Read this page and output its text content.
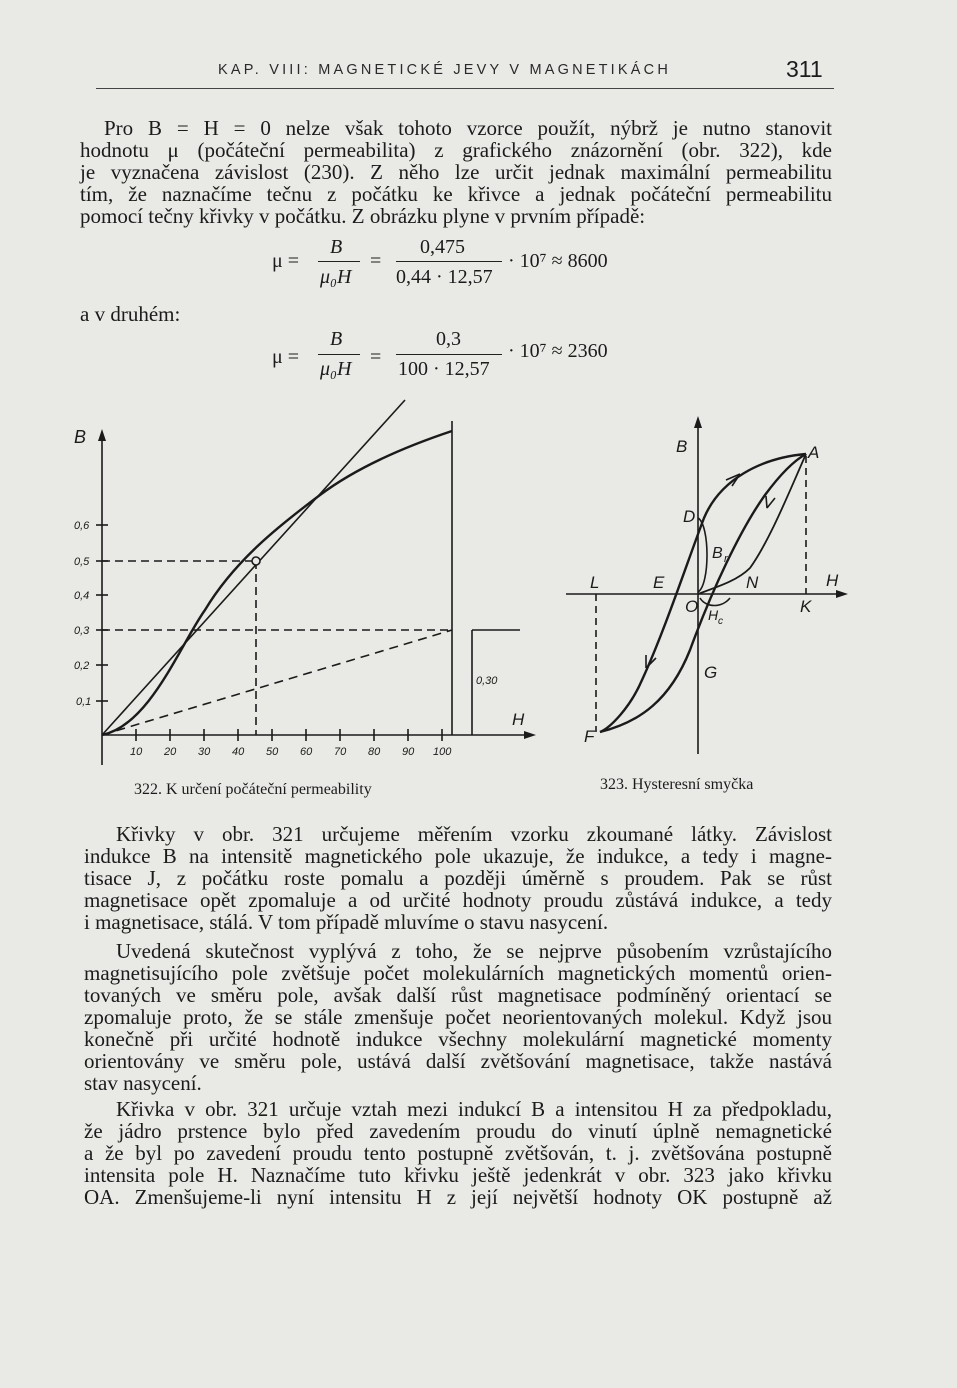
KAP. VIII: MAGNETICKÉ JEVY V MAGNETIKÁCH	311
Pro B = H = 0 nelze však tohoto vzorce použít, nýbrž je nutno stanovit
hodnotu μ (počáteční permeabilita) z grafického znázornění (obr. 322), kde
je vyznačena závislost (230). Z něho lze určit jednak maximální permeabilitu
tím, že naznačíme tečnu z počátku ke křivce a jednak počáteční permeabilitu
pomocí tečny křivky v počátku. Z obrázku plyne v prvním případě:
μ =
B
μ₀H
=
0,475
0,44 · 12,57
· 10⁷ ≈ 8600
a v druhém:
μ =
B
μ₀H
=
0,3
100 · 12,57
· 10⁷ ≈ 2360
B
H
0,1
0,2
0,3
0,4
0,5
0,6
10 20 30 40 50 60 70 80 90 100
0,30
322. K určení počáteční permeability
B	A
D
B r
L	E	N	H
O	K
H c
G
F
323. Hysteresní smyčka
Křivky v obr. 321 určujeme měřením vzorku zkoumané látky. Závislost
indukce B na intensitě magnetického pole ukazuje, že indukce, a tedy i magne-
tisace J, z počátku roste pomalu a později úměrně s proudem. Pak se růst
magnetisace opět zpomaluje a od určité hodnoty proudu zůstává indukce, a tedy
i magnetisace, stálá. V tom případě mluvíme o stavu nasycení.
Uvedená skutečnost vyplývá z toho, že se nejprve působením vzrůstajícího
magnetisujícího pole zvětšuje počet molekulárních magnetických momentů orien-
tovaných ve směru pole, avšak další růst magnetisace podmíněný orientací se
zpomaluje proto, že se stále zmenšuje počet neorientovaných molekul. Když jsou
konečně při určité hodnotě indukce všechny molekulární magnetické momenty
orientovány ve směru pole, ustává další zvětšování magnetisace, takže nastává
stav nasycení.
Křivka v obr. 321 určuje vztah mezi indukcí B a intensitou H za předpokladu,
že jádro prstence bylo před zavedením proudu do vinutí úplně nemagnetické
a že byl po zavedení proudu tento postupně zvětšován, t. j. zvětšována postupně
intensita pole H. Naznačíme tuto křivku ještě jedenkrát v obr. 323 jako křivku
OA. Zmenšujeme-li nyní intensitu H z její největší hodnoty OK postupně až
